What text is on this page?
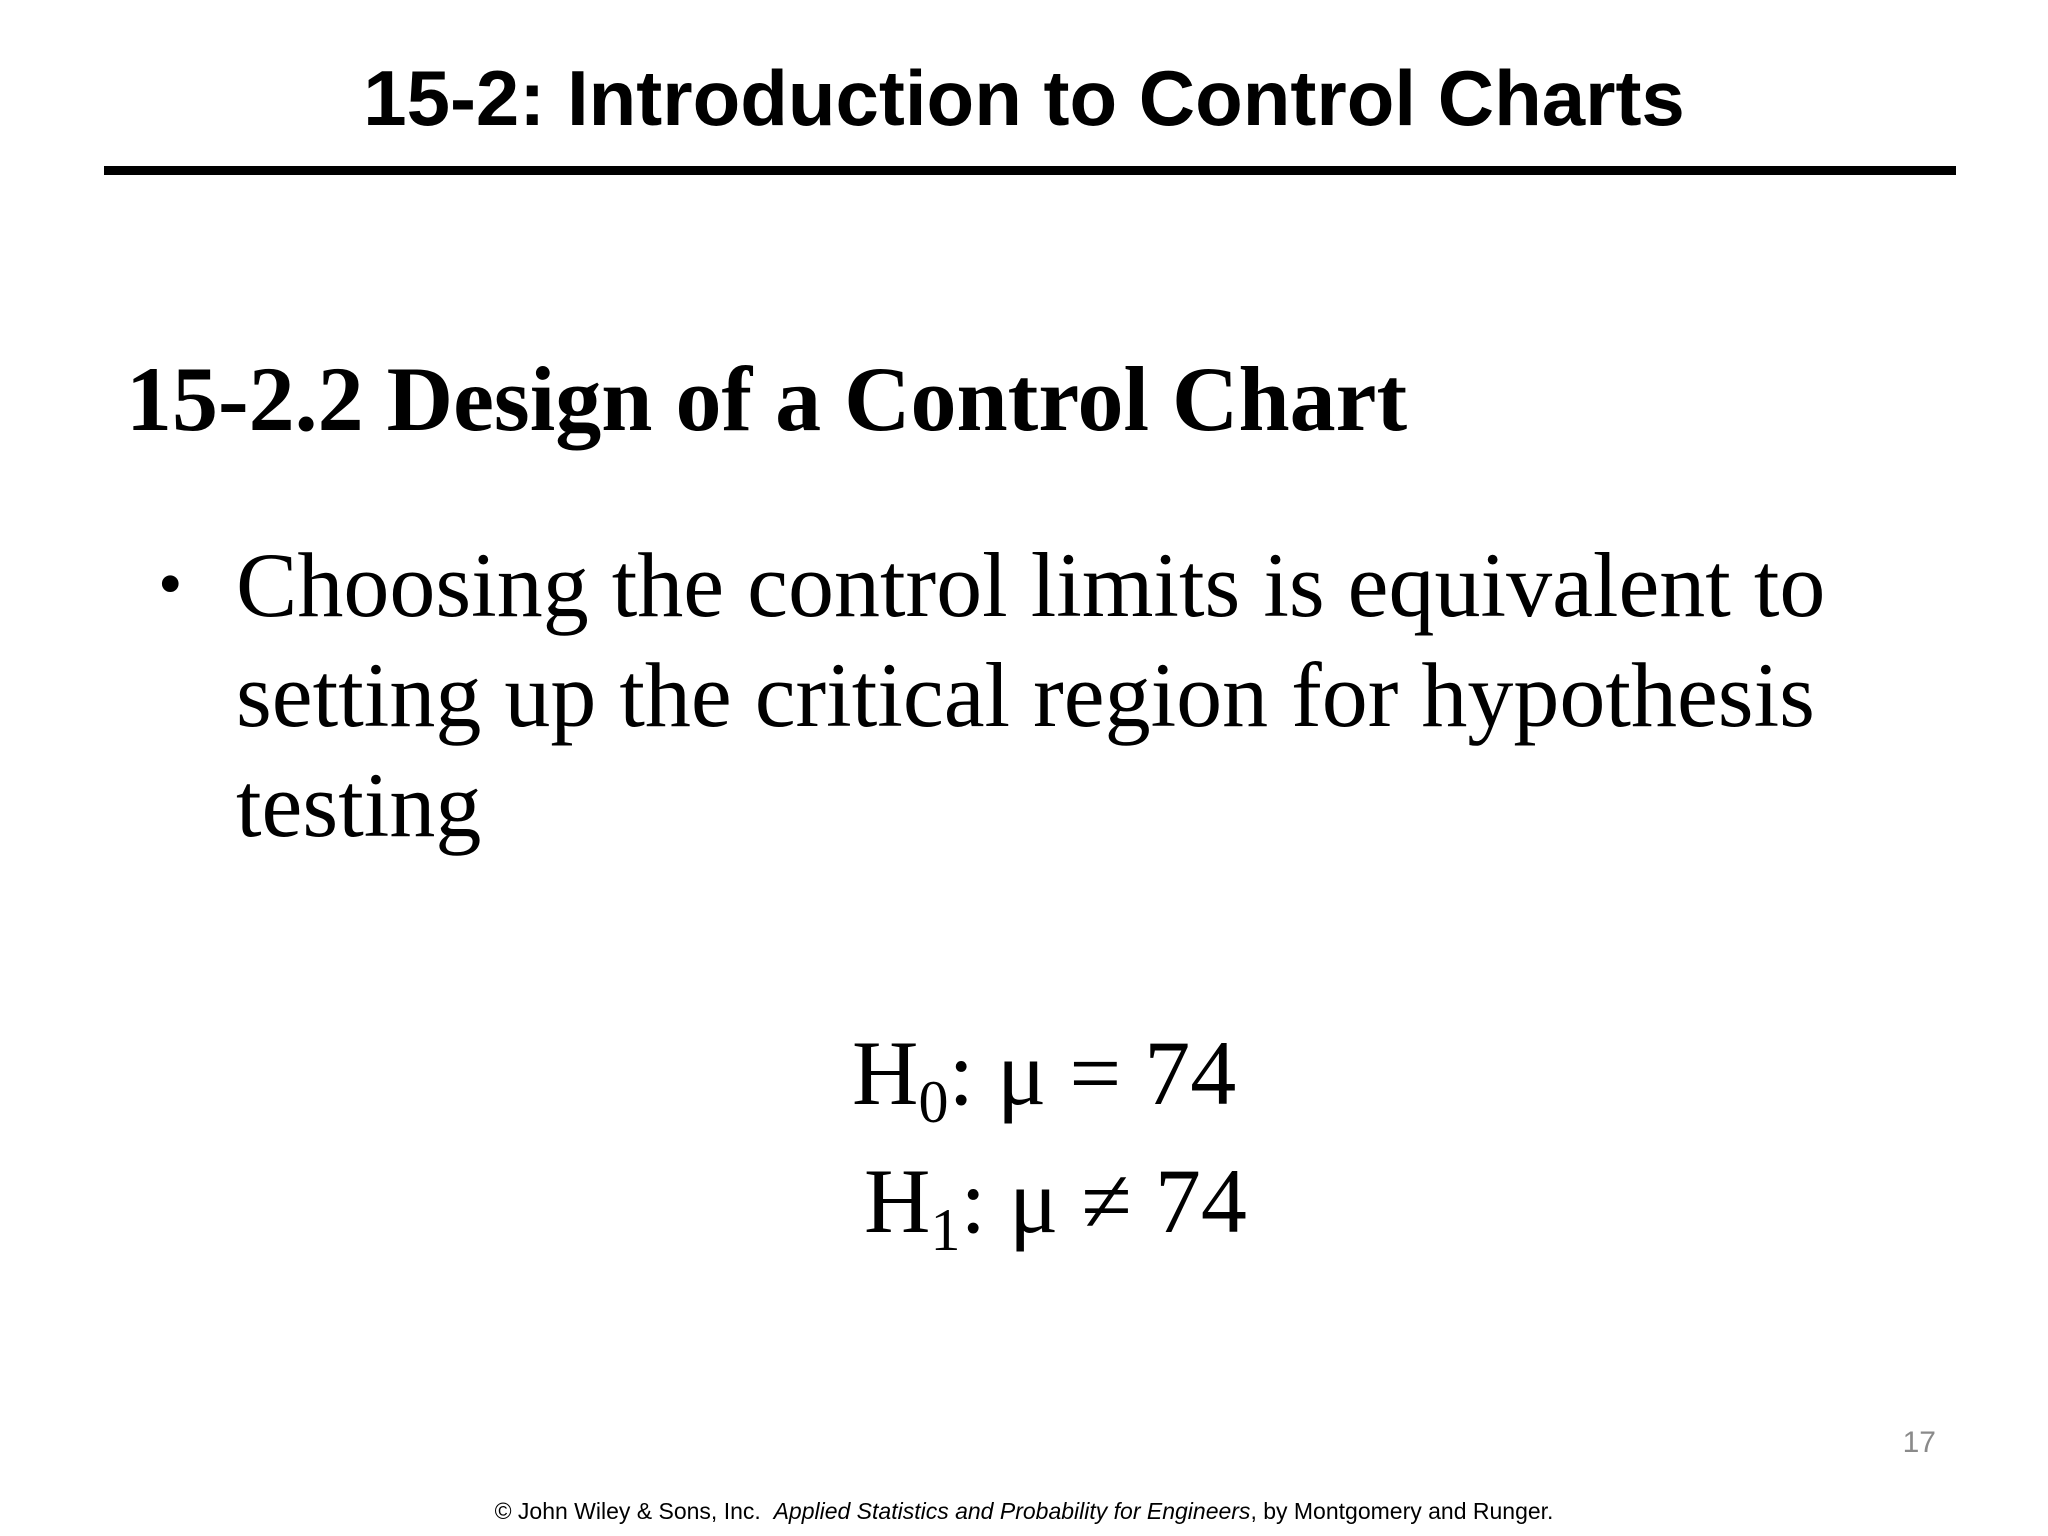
15-2: Introduction to Control Charts
15-2.2 Design of a Control Chart
• Choosing the control limits is equivalent to setting up the critical region for hypothesis testing
$H_0$: μ = 74
$H_1$: μ ≠ 74
17
© John Wiley & Sons, Inc. Applied Statistics and Probability for Engineers, by Montgomery and Runger.
